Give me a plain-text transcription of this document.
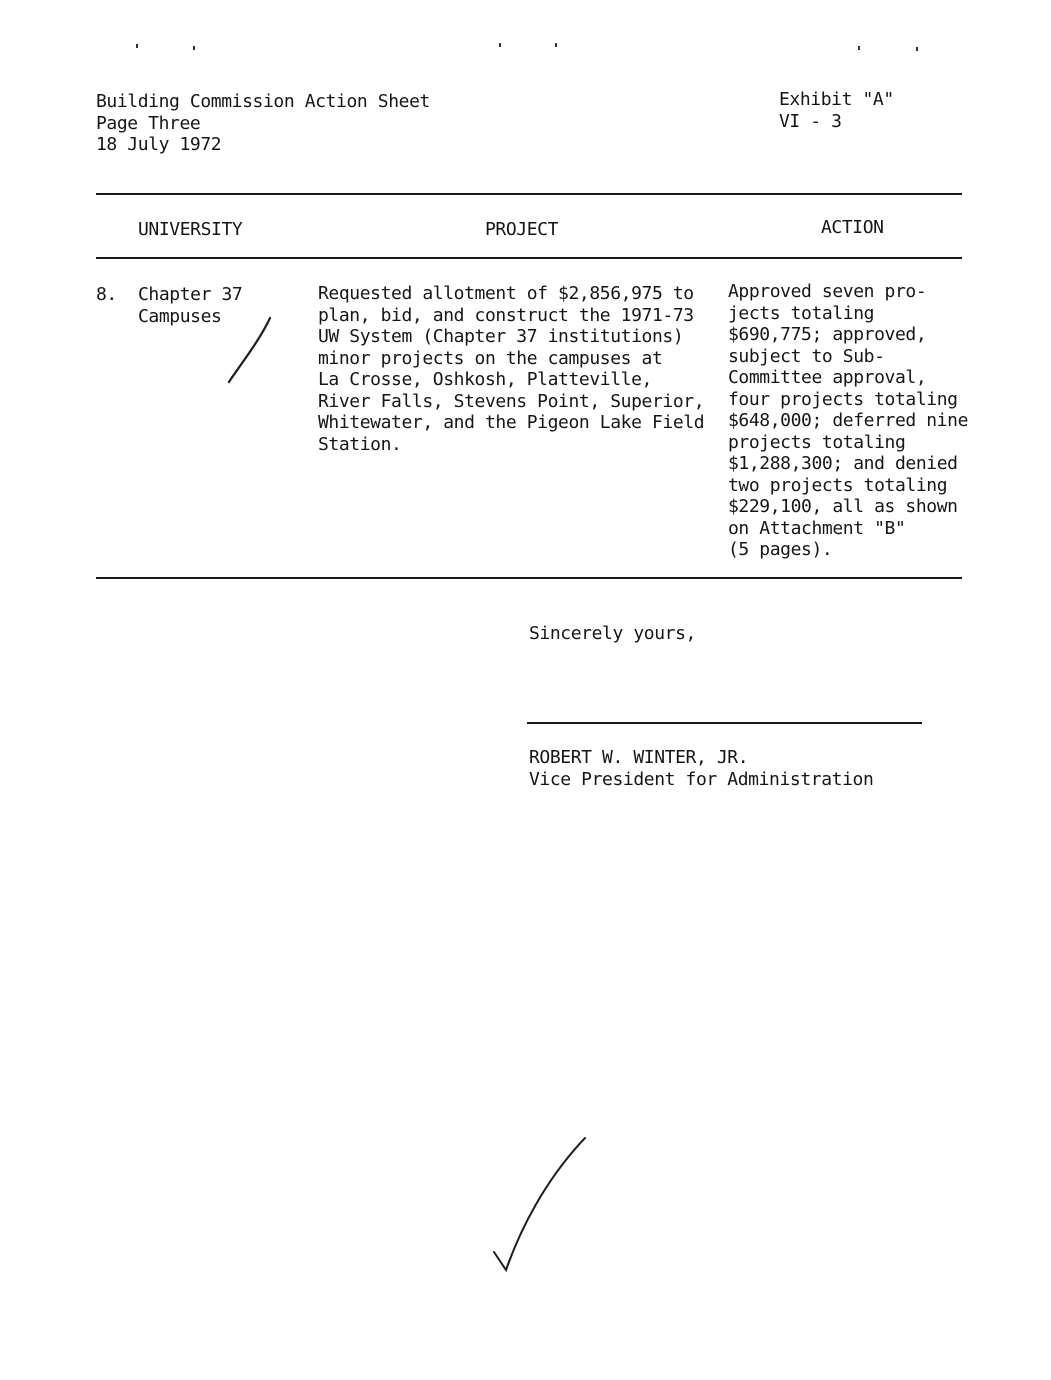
Building Commission Action Sheet
Page Three
18 July 1972
Exhibit "A"
VI - 3
UNIVERSITY	PROJECT	ACTION
8. Chapter 37
Campuses
Requested allotment of $2,856,975 to
plan, bid, and construct the 1971-73
UW System (Chapter 37 institutions)
minor projects on the campuses at
La Crosse, Oshkosh, Platteville,
River Falls, Stevens Point, Superior,
Whitewater, and the Pigeon Lake Field
Station.
Approved seven pro-
jects totaling
$690,775; approved,
subject to Sub-
Committee approval,
four projects totaling
$648,000; deferred nine
projects totaling
$1,288,300; and denied
two projects totaling
$229,100, all as shown
on Attachment "B"
(5 pages).
Sincerely yours,
ROBERT W. WINTER, JR.
Vice President for Administration
